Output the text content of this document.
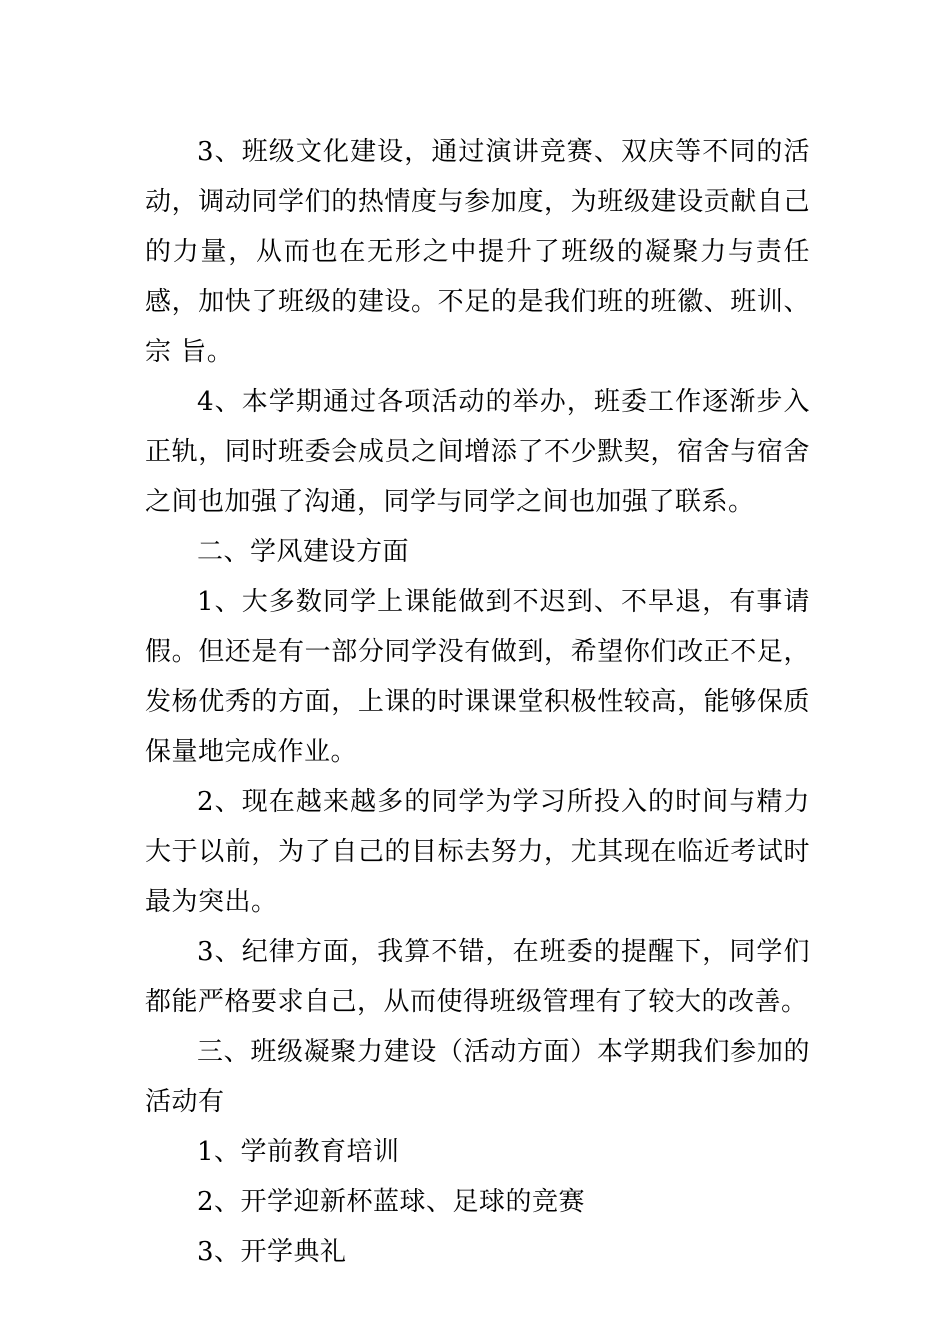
3、班级文化建设，通过演讲竞赛、双庆等不同的活动，调动同学们的热情度与参加度，为班级建设贡献自己的力量，从而也在无形之中提升了班级的凝聚力与责任感，加快了班级的建设。不足的是我们班的班徽、班训、宗 旨。

4、本学期通过各项活动的举办，班委工作逐渐步入正轨，同时班委会成员之间增添了不少默契，宿舍与宿舍之间也加强了沟通，同学与同学之间也加强了联系。

二、学风建设方面

1、大多数同学上课能做到不迟到、不早退，有事请假。但还是有一部分同学没有做到，希望你们改正不足，发杨优秀的方面，上课的时课课堂积极性较高，能够保质保量地完成作业。

2、现在越来越多的同学为学习所投入的时间与精力大于以前，为了自己的目标去努力，尤其现在临近考试时最为突出。

3、纪律方面，我算不错，在班委的提醒下，同学们都能严格要求自己，从而使得班级管理有了较大的改善。

三、班级凝聚力建设（活动方面）本学期我们参加的活动有

1、学前教育培训

2、开学迎新杯蓝球、足球的竞赛

3、开学典礼
